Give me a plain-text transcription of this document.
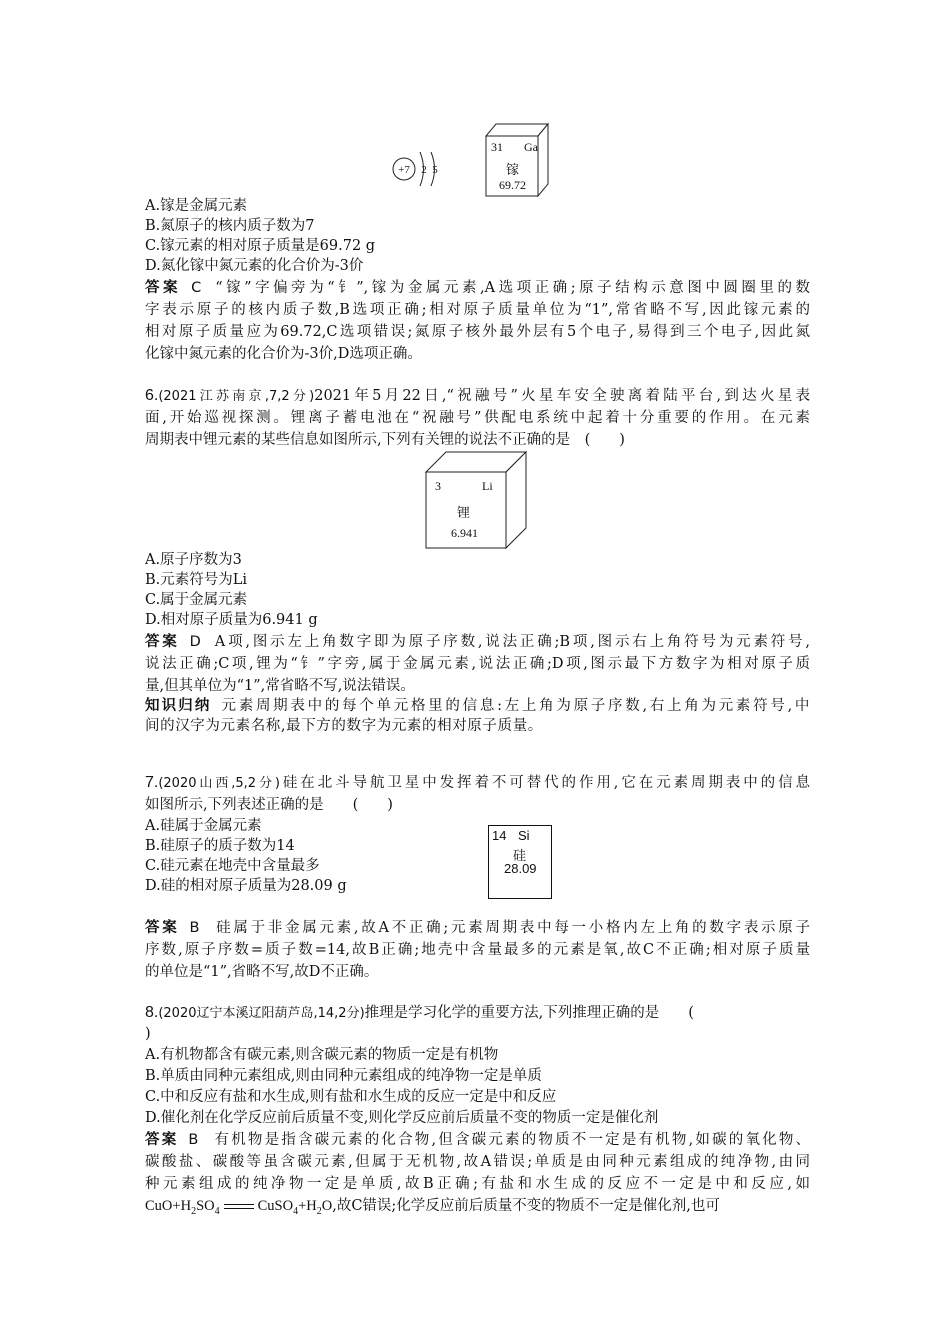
+7 2 5
31 Ga
镓
69.72
A.镓是金属元素
B.氮原子的核内质子数为7
C.镓元素的相对原子质量是69.72 g
D.氮化镓中氮元素的化合价为-3价
答案 C “镓”字偏旁为“钅”,镓为金属元素,A选项正确;原子结构示意图中圆圈里的数
字表示原子的核内质子数,B选项正确;相对原子质量单位为“1”,常省略不写,因此镓元素的
相对原子质量应为69.72,C选项错误;氮原子核外最外层有5个电子,易得到三个电子,因此氮
化镓中氮元素的化合价为-3价,D选项正确。
6.(2021江苏南京,7,2分)2021年5月22日,“祝融号”火星车安全驶离着陆平台,到达火星表
面,开始巡视探测。锂离子蓄电池在“祝融号”供配电系统中起着十分重要的作用。在元素
周期表中锂元素的某些信息如图所示,下列有关锂的说法不正确的是　(　　)
3	Li
锂
6.941
A.原子序数为3
B.元素符号为Li
C.属于金属元素
D.相对原子质量为6.941 g
答案 D A项,图示左上角数字即为原子序数,说法正确;B项,图示右上角符号为元素符号,
说法正确;C项,锂为“钅”字旁,属于金属元素,说法正确;D项,图示最下方数字为相对原子质
量,但其单位为“1”,常省略不写,说法错误。
知识归纳 元素周期表中的每个单元格里的信息:左上角为原子序数,右上角为元素符号,中
间的汉字为元素名称,最下方的数字为元素的相对原子质量。
7.(2020山西,5,2分)硅在北斗导航卫星中发挥着不可替代的作用,它在元素周期表中的信息
如图所示,下列表述正确的是　　(　　)
A.硅属于金属元素
B.硅原子的质子数为14
C.硅元素在地壳中含量最多
D.硅的相对原子质量为28.09 g
14 Si
硅
28.09
答案 B 硅属于非金属元素,故A不正确;元素周期表中每一小格内左上角的数字表示原子
序数,原子序数=质子数=14,故B正确;地壳中含量最多的元素是氧,故C不正确;相对原子质量
的单位是“1”,省略不写,故D不正确。
8.(2020辽宁本溪辽阳葫芦岛,14,2分)推理是学习化学的重要方法,下列推理正确的是　　(
)
A.有机物都含有碳元素,则含碳元素的物质一定是有机物
B.单质由同种元素组成,则由同种元素组成的纯净物一定是单质
C.中和反应有盐和水生成,则有盐和水生成的反应一定是中和反应
D.催化剂在化学反应前后质量不变,则化学反应前后质量不变的物质一定是催化剂
答案 B 有机物是指含碳元素的化合物,但含碳元素的物质不一定是有机物,如碳的氧化物、
碳酸盐、碳酸等虽含碳元素,但属于无机物,故A错误;单质是由同种元素组成的纯净物,由同
种元素组成的纯净物一定是单质,故B正确;有盐和水生成的反应不一定是中和反应,如
$CuO+H_2SO_4$	$CuSO_4+H_2O$,故C错误;化学反应前后质量不变的物质不一定是催化剂,也可
